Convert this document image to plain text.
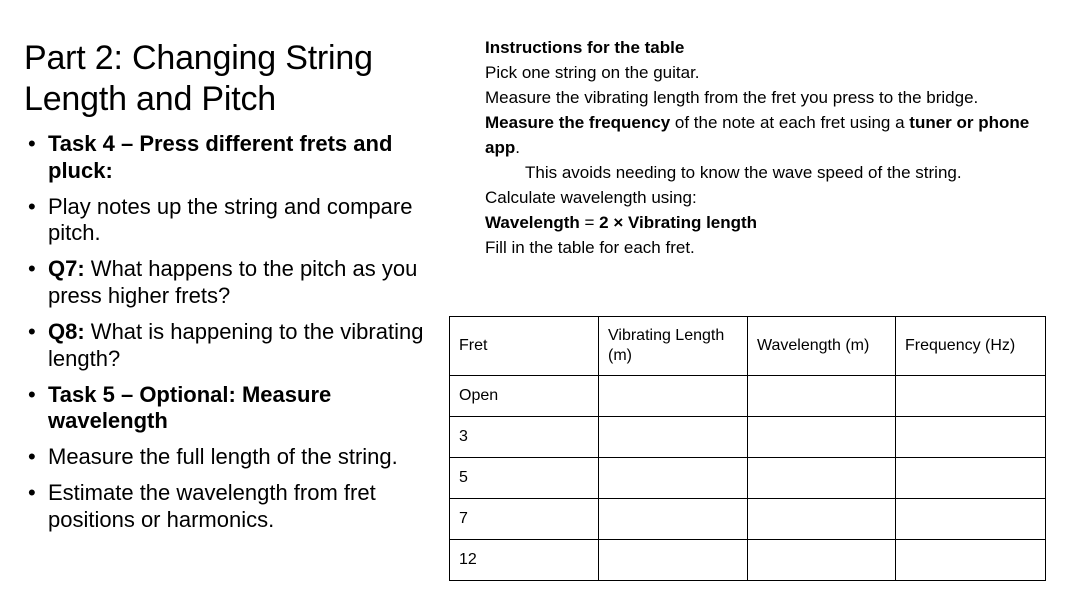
Part 2: Changing String Length and Pitch
• Task 4 – Press different frets and pluck:
• Play notes up the string and compare pitch.
• Q7: What happens to the pitch as you press higher frets?
• Q8: What is happening to the vibrating length?
• Task 5 – Optional: Measure wavelength
• Measure the full length of the string.
• Estimate the wavelength from fret positions or harmonics.

Instructions for the table

Pick one string on the guitar.

Measure the vibrating length from the fret you press to the bridge.

Measure the frequency of the note at each fret using a tuner or phone app.

This avoids needing to know the wave speed of the string.

Calculate wavelength using:

Wavelength = 2 × Vibrating length

Fill in the table for each fret.

Fret	Vibrating Length (m)	Wavelength (m)	Frequency (Hz)
Open			
3			
5			
7			
12			
